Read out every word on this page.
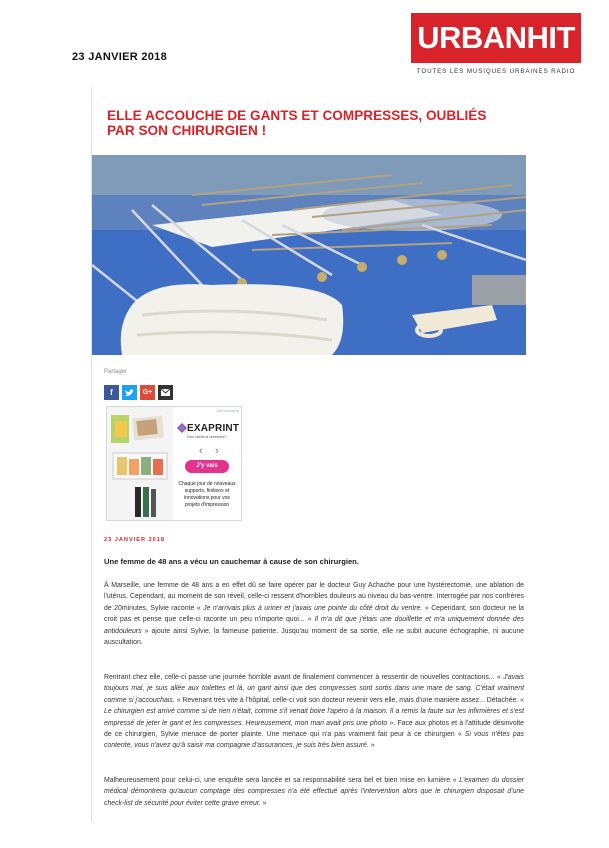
23 JANVIER 2018
URBANHIT
TOUTES LES MUSIQUES URBAINES RADIO
ELLE ACCOUCHE DE GANTS ET COMPRESSES, OUBLIÉS PAR SON CHIRURGIEN !
Partager
f	G+
AdChoices ▸
EXAPRINT
Des idées à revendre !
‹ ›
J'y vais
Chaque jour de nouveaux supports, finitions et innovations pour vos projets d'impression
23 JANVIER 2018
Une femme de 48 ans a vécu un cauchemar à cause de son chirurgien.

À Marseille, une femme de 48 ans a en effet dû se faire opérer par le docteur Guy Achache pour une hystérectomie, une ablation de l'utérus. Cependant, au moment de son réveil, celle-ci ressent d'horribles douleurs au niveau du bas-ventre. Interrogée par nos confrères de 20minutes, Sylvie raconte « Je n'arrivais plus à uriner et j'avais une pointe du côté droit du ventre. » Cependant, son docteur ne la croit pas et pense que celle-ci raconte un peu n'importe quoi... « Il m'a dit que j'étais une douillette et m'a uniquement donnée des antidouleurs » ajoute ainsi Sylvie, la fameuse patiente. Jusqu'au moment de sa sortie, elle ne subit aucune échographie, ni aucune auscultation.

Rentrant chez elle, celle-ci passe une journée horrible avant de finalement commencer à ressentir de nouvelles contractions... « J'avais toujours mal, je suis allée aux toilettes et là, un gant ainsi que des compresses sont sortis dans une mare de sang. C'était vraiment comme si j'accouchais. » Revenant très vite à l'hôpital, celle-ci voit son docteur revenir vers elle, mais d'une manière assez... Détachée. « Le chirurgien est arrivé comme si de rien n'était, comme s'il venait boire l'apéro à la maison. Il a remis la faute sur les infirmières et s'est empressé de jeter le gant et les compresses. Heureusement, mon mari avait pris une photo ». Face aux photos et à l'attitude désinvolte de ce chirurgien, Sylvie menace de porter plainte. Une menace qui n'a pas vraiment fait peur à ce chirurgien « Si vous n'êtes pas contente, vous n'avez qu'à saisir ma compagnie d'assurances, je suis très bien assuré. »

Malheureusement pour celui-ci, une enquête sera lancée et sa responsabilité sera bel et bien mise en lumière « L'examen du dossier médical démontrera qu'aucun comptage des compresses n'a été effectué après l'intervention alors que le chirurgien disposait d'une check-list de sécurité pour éviter cette grave erreur. »
